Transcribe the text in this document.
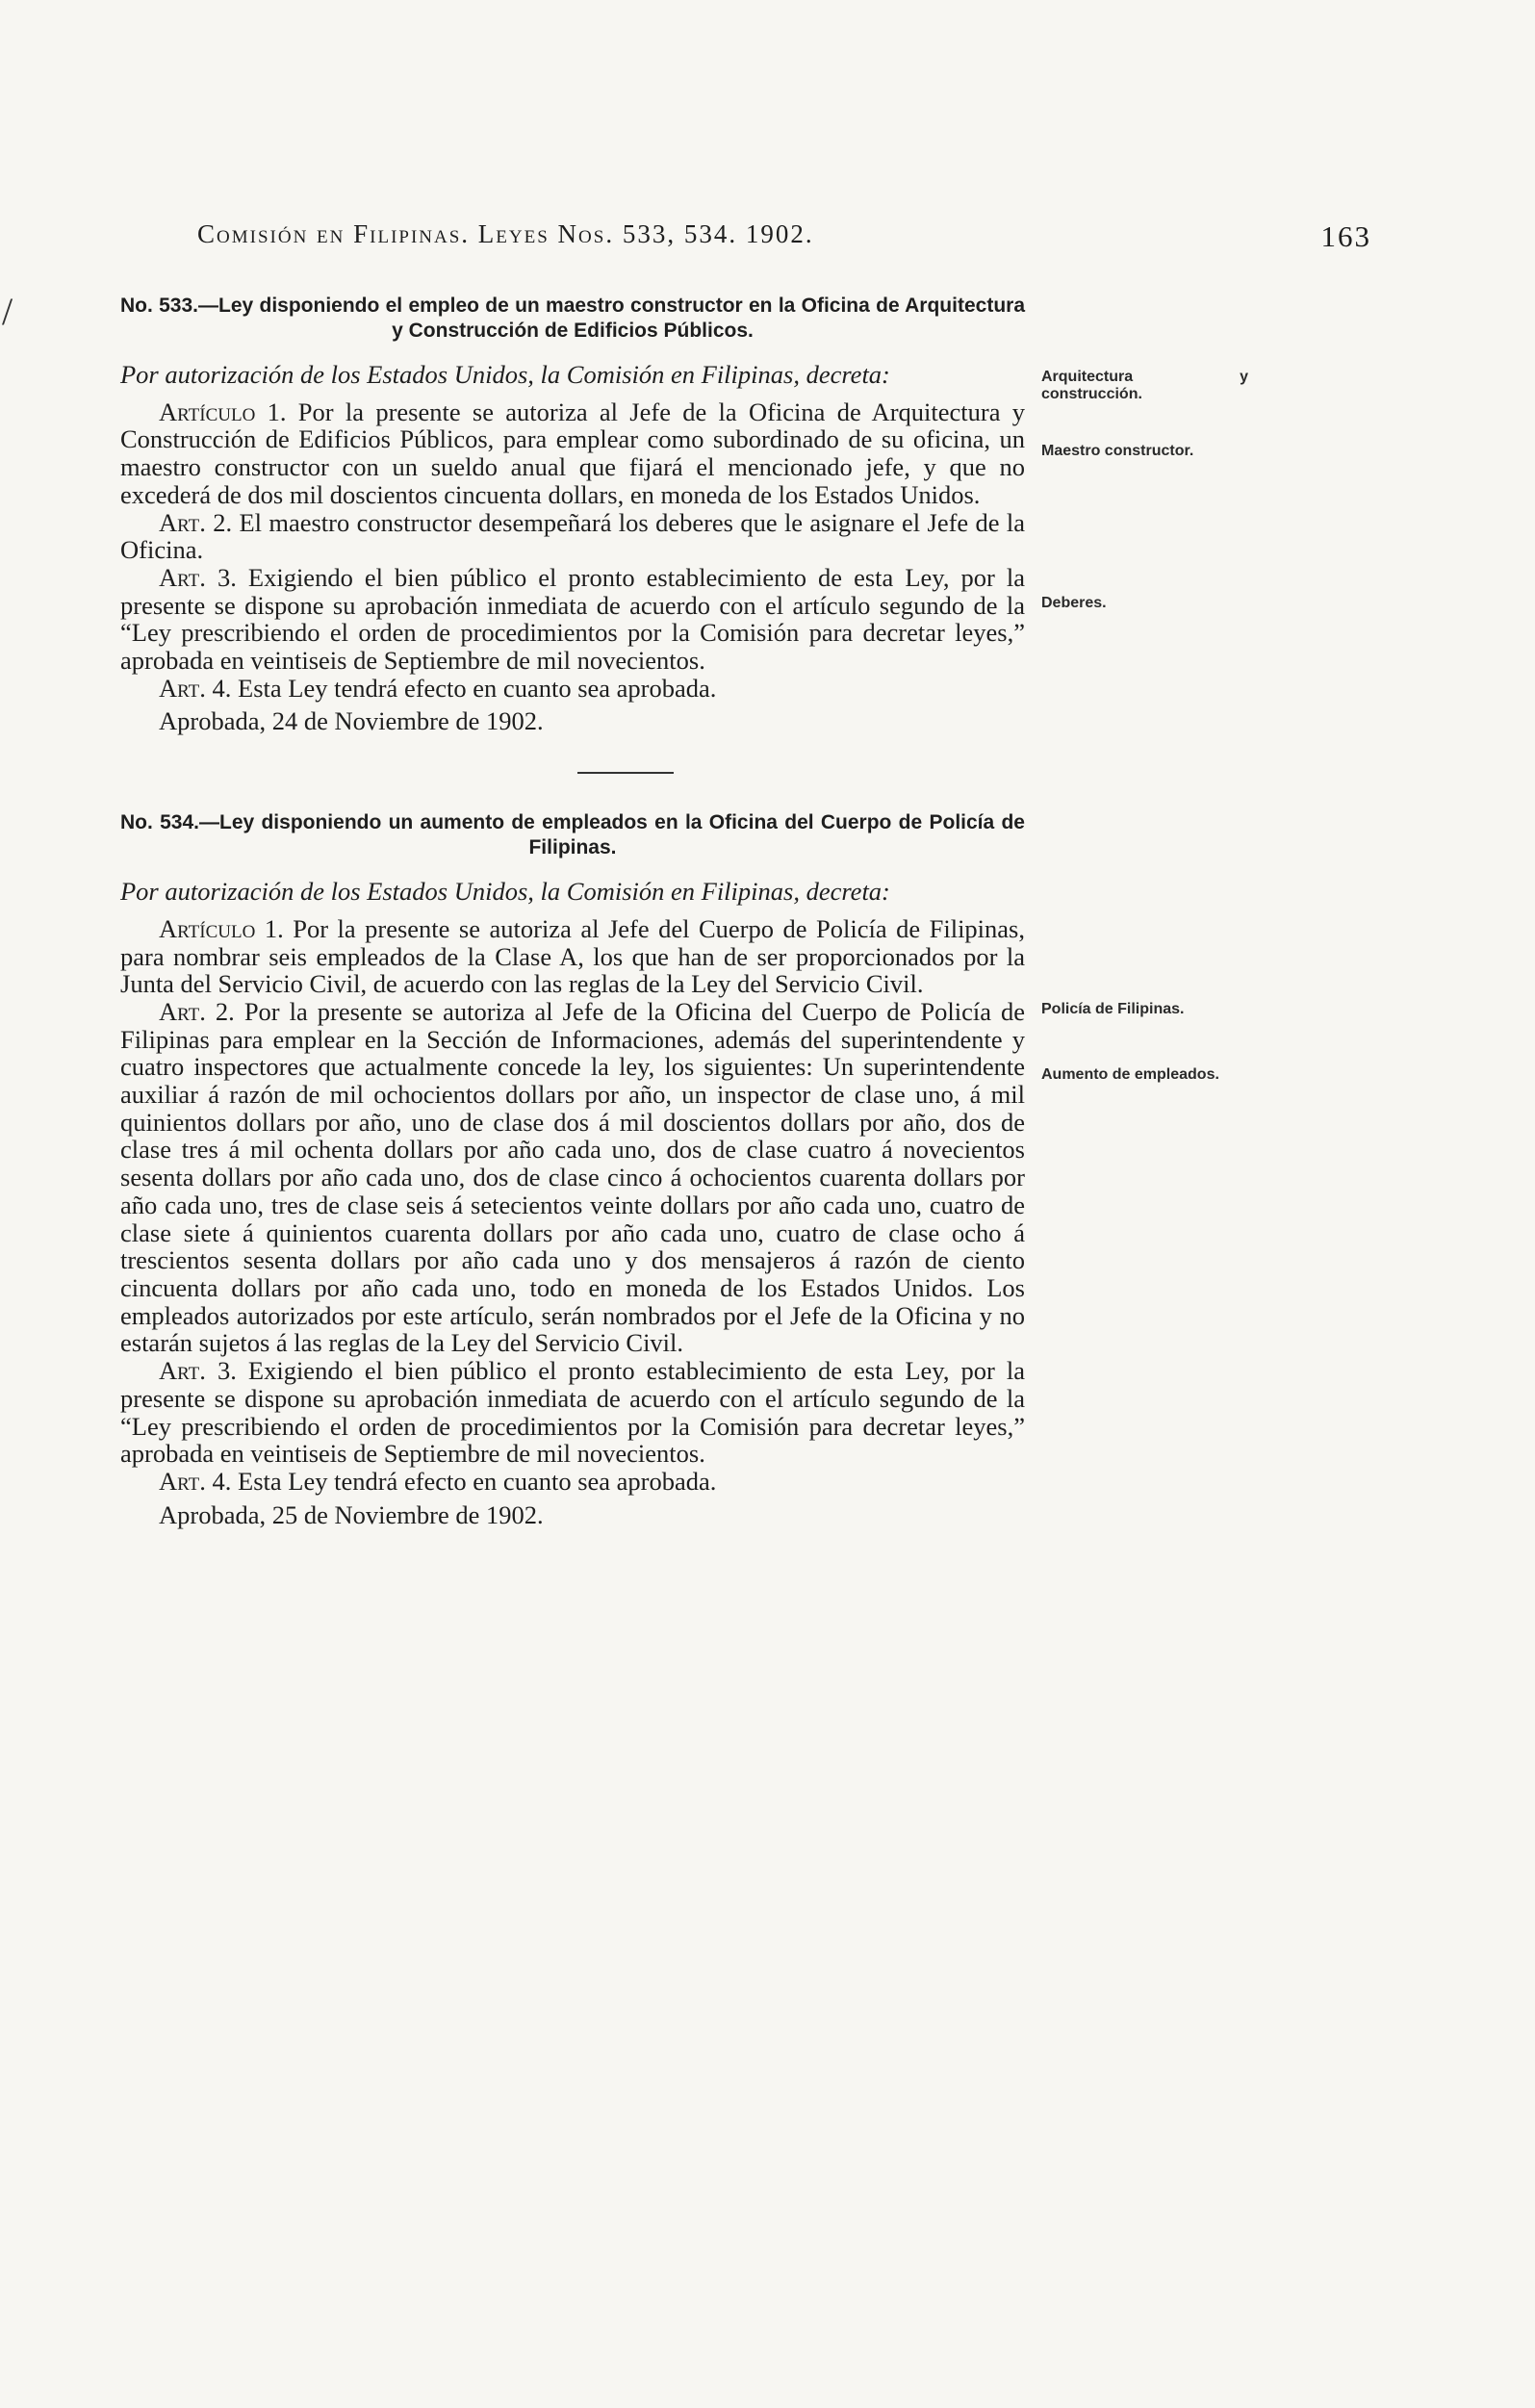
/
Comisión en Filipinas. Leyes Nos. 533, 534. 1902.	163

No. 533.—Ley disponiendo el empleo de un maestro constructor en la Oficina de Arquitectura y Construcción de Edificios Públicos.

Por autorización de los Estados Unidos, la Comisión en Filipinas, decreta:

Artículo 1. Por la presente se autoriza al Jefe de la Oficina de Arquitectura y Construcción de Edificios Públicos, para emplear como subordinado de su oficina, un maestro constructor con un sueldo anual que fijará el mencionado jefe, y que no excederá de dos mil doscientos cincuenta dollars, en moneda de los Estados Unidos.

Art. 2. El maestro constructor desempeñará los deberes que le asignare el Jefe de la Oficina.

Art. 3. Exigiendo el bien público el pronto establecimiento de esta Ley, por la presente se dispone su aprobación inmediata de acuerdo con el artículo segundo de la “Ley prescribiendo el orden de procedimientos por la Comisión para decretar leyes,” aprobada en veintiseis de Septiembre de mil novecientos.

Art. 4. Esta Ley tendrá efecto en cuanto sea aprobada.

Aprobada, 24 de Noviembre de 1902.

No. 534.—Ley disponiendo un aumento de empleados en la Oficina del Cuerpo de Policía de Filipinas.

Por autorización de los Estados Unidos, la Comisión en Filipinas, decreta:

Artículo 1. Por la presente se autoriza al Jefe del Cuerpo de Policía de Filipinas, para nombrar seis empleados de la Clase A, los que han de ser proporcionados por la Junta del Servicio Civil, de acuerdo con las reglas de la Ley del Servicio Civil.

Art. 2. Por la presente se autoriza al Jefe de la Oficina del Cuerpo de Policía de Filipinas para emplear en la Sección de Informaciones, además del superintendente y cuatro inspectores que actualmente concede la ley, los siguientes: Un superintendente auxiliar á razón de mil ochocientos dollars por año, un inspector de clase uno, á mil quinientos dollars por año, uno de clase dos á mil doscientos dollars por año, dos de clase tres á mil ochenta dollars por año cada uno, dos de clase cuatro á novecientos sesenta dollars por año cada uno, dos de clase cinco á ochocientos cuarenta dollars por año cada uno, tres de clase seis á setecientos veinte dollars por año cada uno, cuatro de clase siete á quinientos cuarenta dollars por año cada uno, cuatro de clase ocho á trescientos sesenta dollars por año cada uno y dos mensajeros á razón de ciento cincuenta dollars por año cada uno, todo en moneda de los Estados Unidos. Los empleados autorizados por este artículo, serán nombrados por el Jefe de la Oficina y no estarán sujetos á las reglas de la Ley del Servicio Civil.

Art. 3. Exigiendo el bien público el pronto establecimiento de esta Ley, por la presente se dispone su aprobación inmediata de acuerdo con el artículo segundo de la “Ley prescribiendo el orden de procedimientos por la Comisión para decretar leyes,” aprobada en veintiseis de Septiembre de mil novecientos.

Art. 4. Esta Ley tendrá efecto en cuanto sea aprobada.

Aprobada, 25 de Noviembre de 1902.

Arquitectura y construcción.
Maestro constructor.
Deberes.
Policía de Filipinas.
Aumento de empleados.
